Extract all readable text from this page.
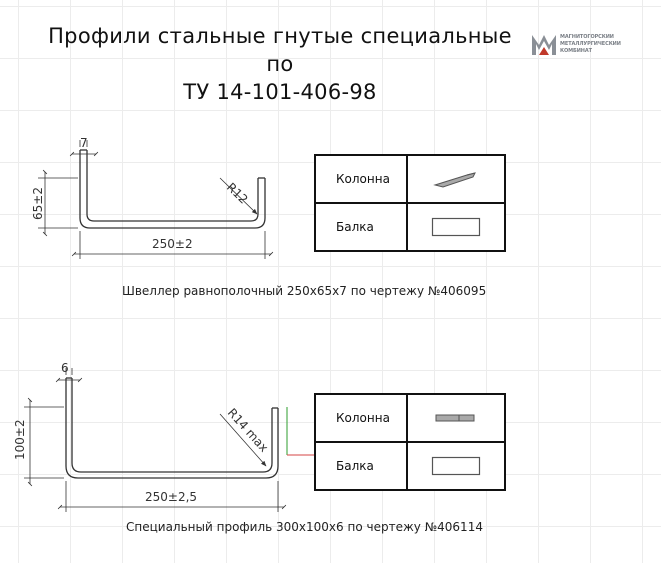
Профили стальные гнутые специальные по
ТУ 14-101-406-98
МАГНИТОГОРСКИЙ
МЕТАЛЛУРГИЧЕСКИЙ
КОМБИНАТ
7
65±2	R12
250±2
6
100±2	R14 max
250±2,5
Швеллер равнополочный 250х65х7 по чертежу №406095
Специальный профиль 300х100х6 по чертежу №406114
Колонна	

Балка	
Колонна	

Балка	
